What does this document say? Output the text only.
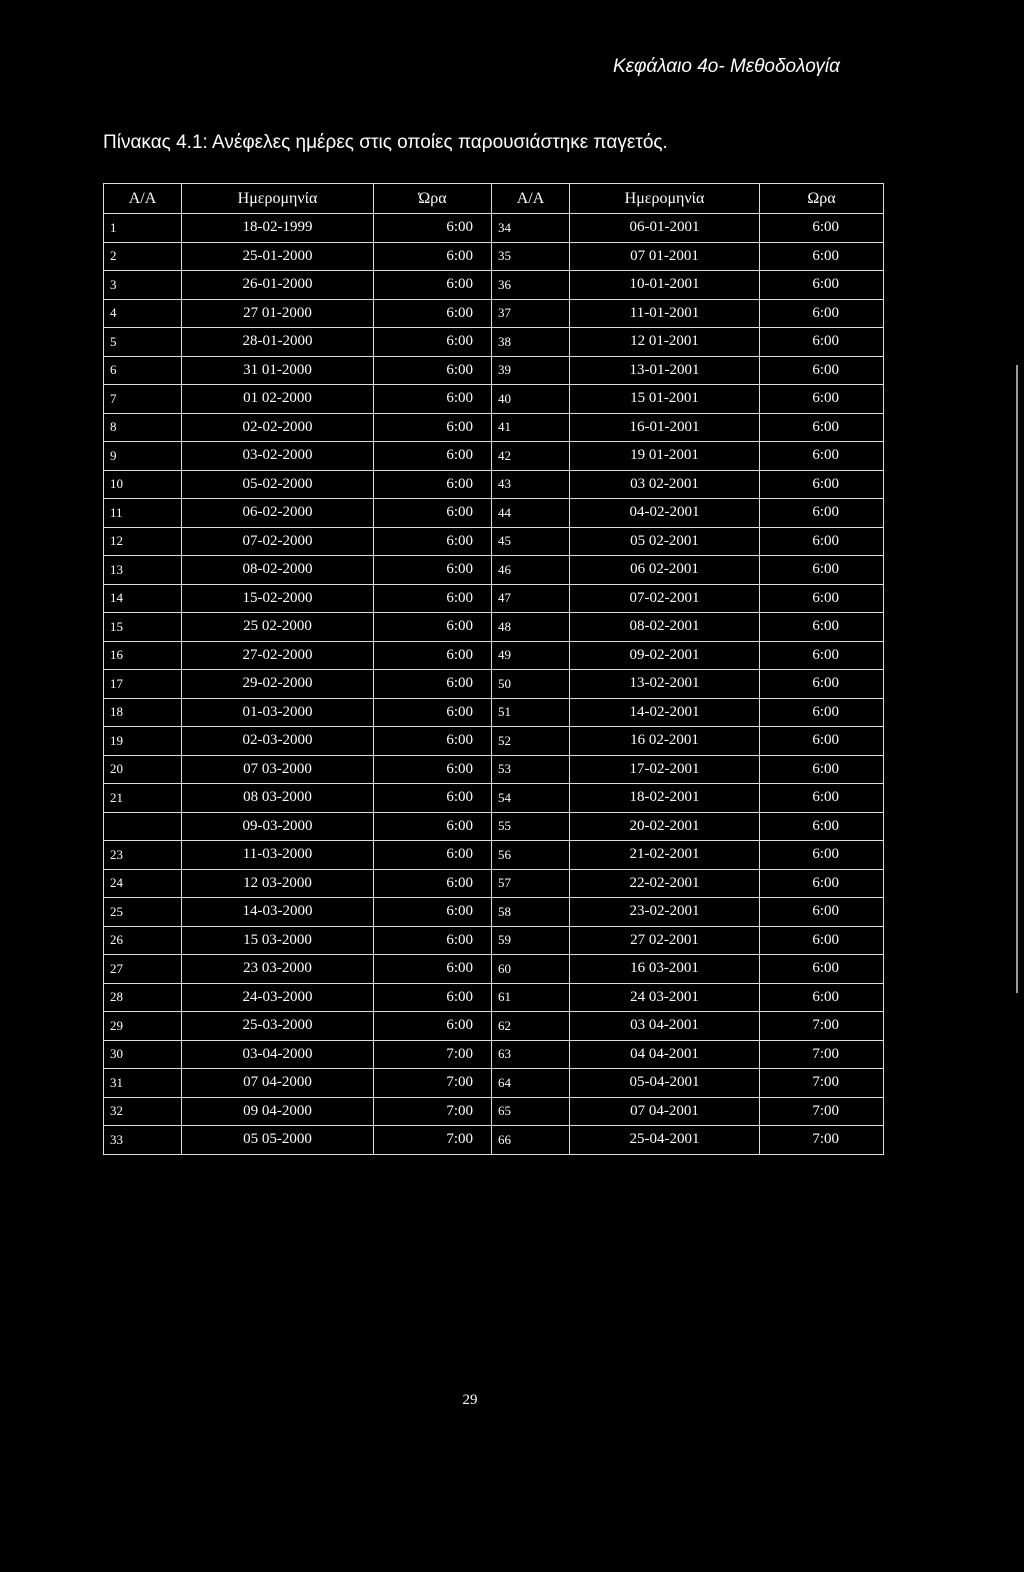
Κεφάλαιο 4ο- Μεθοδολογία
Πίνακας 4.1: Ανέφελες ημέρες στις οποίες παρουσιάστηκε παγετός.
Α/Α	Ημερομηνία	Ώρα	Α/Α	Ημερομηνία	Ωρα
1	18-02-1999	6:00	34	06-01-2001	6:00
2	25-01-2000	6:00	35	07 01-2001	6:00
3	26-01-2000	6:00	36	10-01-2001	6:00
4	27 01-2000	6:00	37	11-01-2001	6:00
5	28-01-2000	6:00	38	12 01-2001	6:00
6	31 01-2000	6:00	39	13-01-2001	6:00
7	01 02-2000	6:00	40	15 01-2001	6:00
8	02-02-2000	6:00	41	16-01-2001	6:00
9	03-02-2000	6:00	42	19 01-2001	6:00
10	05-02-2000	6:00	43	03 02-2001	6:00
11	06-02-2000	6:00	44	04-02-2001	6:00
12	07-02-2000	6:00	45	05 02-2001	6:00
13	08-02-2000	6:00	46	06 02-2001	6:00
14	15-02-2000	6:00	47	07-02-2001	6:00
15	25 02-2000	6:00	48	08-02-2001	6:00
16	27-02-2000	6:00	49	09-02-2001	6:00
17	29-02-2000	6:00	50	13-02-2001	6:00
18	01-03-2000	6:00	51	14-02-2001	6:00
19	02-03-2000	6:00	52	16 02-2001	6:00
20	07 03-2000	6:00	53	17-02-2001	6:00
21	08 03-2000	6:00	54	18-02-2001	6:00
	09-03-2000	6:00	55	20-02-2001	6:00
23	11-03-2000	6:00	56	21-02-2001	6:00
24	12 03-2000	6:00	57	22-02-2001	6:00
25	14-03-2000	6:00	58	23-02-2001	6:00
26	15 03-2000	6:00	59	27 02-2001	6:00
27	23 03-2000	6:00	60	16 03-2001	6:00
28	24-03-2000	6:00	61	24 03-2001	6:00
29	25-03-2000	6:00	62	03 04-2001	7:00
30	03-04-2000	7:00	63	04 04-2001	7:00
31	07 04-2000	7:00	64	05-04-2001	7:00
32	09 04-2000	7:00	65	07 04-2001	7:00
33	05 05-2000	7:00	66	25-04-2001	7:00
29
